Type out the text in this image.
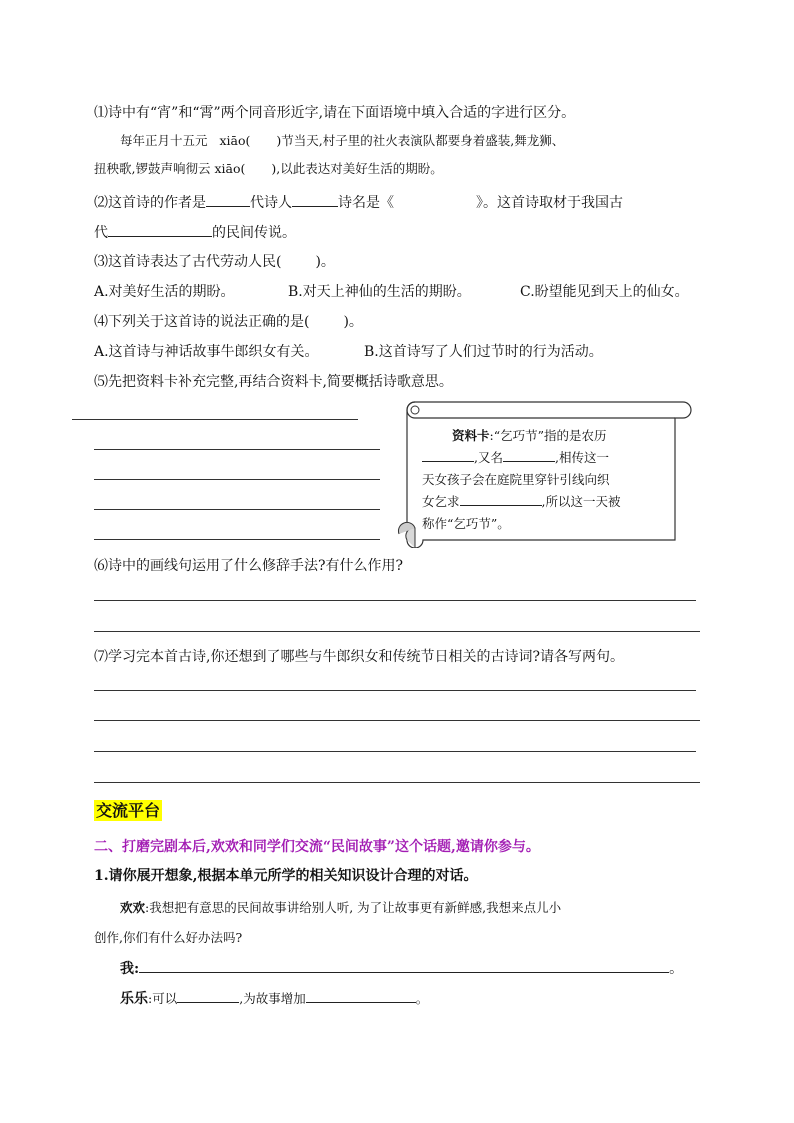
⑴诗中有“宵”和“霄”两个同音形近字,请在下面语境中填入合适的字进行区分。
每年正月十五元 xiāo( )节当天,村子里的社火表演队都要身着盛装,舞龙狮、
扭秧歌,锣鼓声响彻云 xiāo( ),以此表达对美好生活的期盼。
⑵这首诗的作者是	代诗人	诗名是《	》。这首诗取材于我国古
代	的民间传说。
⑶这首诗表达了古代劳动人民( )。
A.对美好生活的期盼。	B.对天上神仙的生活的期盼。	C.盼望能见到天上的仙女。
⑷下列关于这首诗的说法正确的是( )。
A.这首诗与神话故事牛郎织女有关。	B.这首诗写了人们过节时的行为活动。
⑸先把资料卡补充完整,再结合资料卡,简要概括诗歌意思。
资料卡:“乞巧节”指的是农历
,又名	,相传这一
天女孩子会在庭院里穿针引线向织
女乞求	,所以这一天被
称作“乞巧节”。
⑹诗中的画线句运用了什么修辞手法?有什么作用?
⑺学习完本首古诗,你还想到了哪些与牛郎织女和传统节日相关的古诗词?请各写两句。
交流平台
二、打磨完剧本后,欢欢和同学们交流“民间故事”这个话题,邀请你参与。
1.请你展开想象,根据本单元所学的相关知识设计合理的对话。
欢欢:我想把有意思的民间故事讲给别人听, 为了让故事更有新鲜感,我想来点儿小
创作,你们有什么好办法吗?
我:	。
乐乐:可以	,为故事增加	。
